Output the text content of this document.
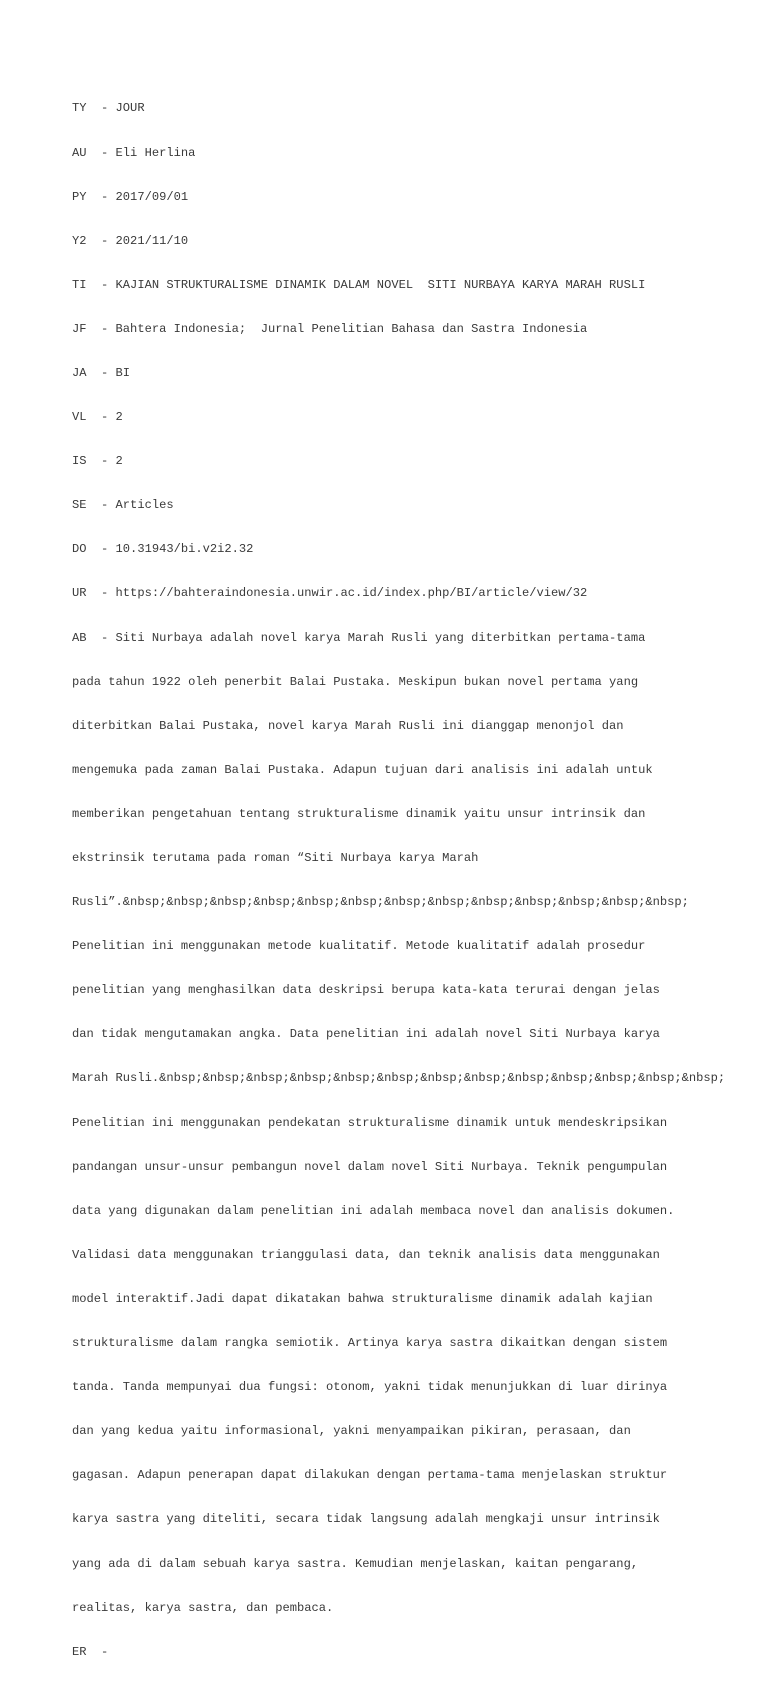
TY  - JOUR

AU  - Eli Herlina

PY  - 2017/09/01

Y2  - 2021/11/10

TI  - KAJIAN STRUKTURALISME DINAMIK DALAM NOVEL  SITI NURBAYA KARYA MARAH RUSLI

JF  - Bahtera Indonesia;  Jurnal Penelitian Bahasa dan Sastra Indonesia

JA  - BI

VL  - 2

IS  - 2

SE  - Articles

DO  - 10.31943/bi.v2i2.32

UR  - https://bahteraindonesia.unwir.ac.id/index.php/BI/article/view/32

AB  - Siti Nurbaya adalah novel karya Marah Rusli yang diterbitkan pertama-tama

pada tahun 1922 oleh penerbit Balai Pustaka. Meskipun bukan novel pertama yang

diterbitkan Balai Pustaka, novel karya Marah Rusli ini dianggap menonjol dan

mengemuka pada zaman Balai Pustaka. Adapun tujuan dari analisis ini adalah untuk

memberikan pengetahuan tentang strukturalisme dinamik yaitu unsur intrinsik dan

ekstrinsik terutama pada roman “Siti Nurbaya karya Marah

Rusli”.&nbsp;&nbsp;&nbsp;&nbsp;&nbsp;&nbsp;&nbsp;&nbsp;&nbsp;&nbsp;&nbsp;&nbsp;&nbsp;

Penelitian ini menggunakan metode kualitatif. Metode kualitatif adalah prosedur

penelitian yang menghasilkan data deskripsi berupa kata-kata terurai dengan jelas

dan tidak mengutamakan angka. Data penelitian ini adalah novel Siti Nurbaya karya

Marah Rusli.&nbsp;&nbsp;&nbsp;&nbsp;&nbsp;&nbsp;&nbsp;&nbsp;&nbsp;&nbsp;&nbsp;&nbsp;&nbsp;

Penelitian ini menggunakan pendekatan strukturalisme dinamik untuk mendeskripsikan

pandangan unsur-unsur pembangun novel dalam novel Siti Nurbaya. Teknik pengumpulan

data yang digunakan dalam penelitian ini adalah membaca novel dan analisis dokumen.

Validasi data menggunakan trianggulasi data, dan teknik analisis data menggunakan

model interaktif.Jadi dapat dikatakan bahwa strukturalisme dinamik adalah kajian

strukturalisme dalam rangka semiotik. Artinya karya sastra dikaitkan dengan sistem

tanda. Tanda mempunyai dua fungsi: otonom, yakni tidak menunjukkan di luar dirinya

dan yang kedua yaitu informasional, yakni menyampaikan pikiran, perasaan, dan

gagasan. Adapun penerapan dapat dilakukan dengan pertama-tama menjelaskan struktur

karya sastra yang diteliti, secara tidak langsung adalah mengkaji unsur intrinsik

yang ada di dalam sebuah karya sastra. Kemudian menjelaskan, kaitan pengarang,

realitas, karya sastra, dan pembaca.

ER  -
